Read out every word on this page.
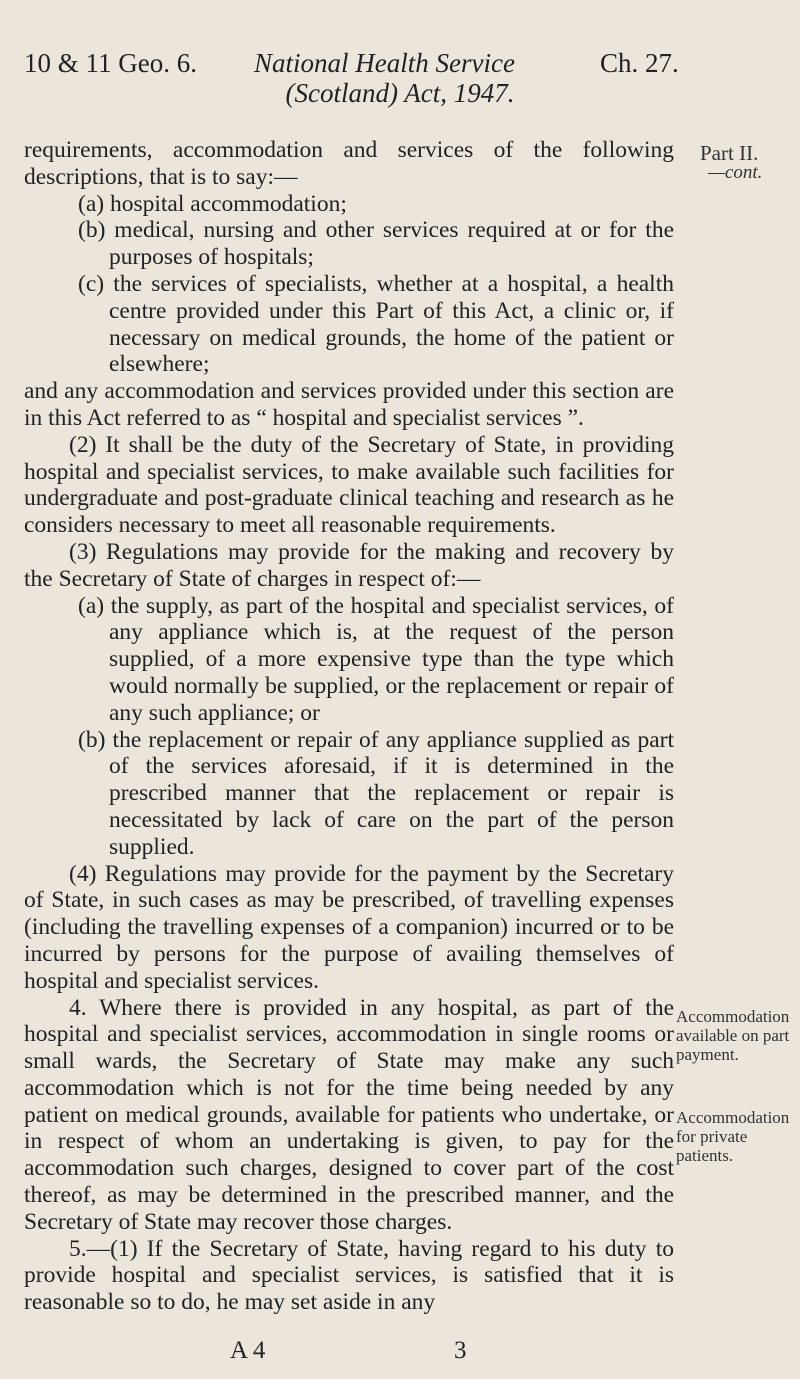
10 & 11 Geo. 6. National Health Service	Ch. 27.
(Scotland) Act, 1947.
Part II.
—cont.
Accommodation available on part payment.
Accommodation for private patients.

requirements, accommodation and services of the following descriptions, that is to say:—

(a) hospital accommodation;

(b) medical, nursing and other services required at or for the purposes of hospitals;

(c) the services of specialists, whether at a hospital, a health centre provided under this Part of this Act, a clinic or, if necessary on medical grounds, the home of the patient or elsewhere;

and any accommodation and services provided under this section are in this Act referred to as “ hospital and specialist services ”.

(2) It shall be the duty of the Secretary of State, in providing hospital and specialist services, to make available such facilities for undergraduate and post-graduate clinical teaching and research as he considers necessary to meet all reasonable requirements.

(3) Regulations may provide for the making and recovery by the Secretary of State of charges in respect of:—

(a) the supply, as part of the hospital and specialist services, of any appliance which is, at the request of the person supplied, of a more expensive type than the type which would normally be supplied, or the replacement or repair of any such appliance; or

(b) the replacement or repair of any appliance supplied as part of the services aforesaid, if it is determined in the prescribed manner that the replacement or repair is necessitated by lack of care on the part of the person supplied.

(4) Regulations may provide for the payment by the Secretary of State, in such cases as may be prescribed, of travelling expenses (including the travelling expenses of a companion) incurred or to be incurred by persons for the purpose of availing themselves of hospital and specialist services.

4. Where there is provided in any hospital, as part of the hospital and specialist services, accommodation in single rooms or small wards, the Secretary of State may make any such accommodation which is not for the time being needed by any patient on medical grounds, available for patients who undertake, or in respect of whom an undertaking is given, to pay for the accommodation such charges, designed to cover part of the cost thereof, as may be determined in the prescribed manner, and the Secretary of State may recover those charges.

5.—(1) If the Secretary of State, having regard to his duty to provide hospital and specialist services, is satisfied that it is reasonable so to do, he may set aside in any

A 4	3
